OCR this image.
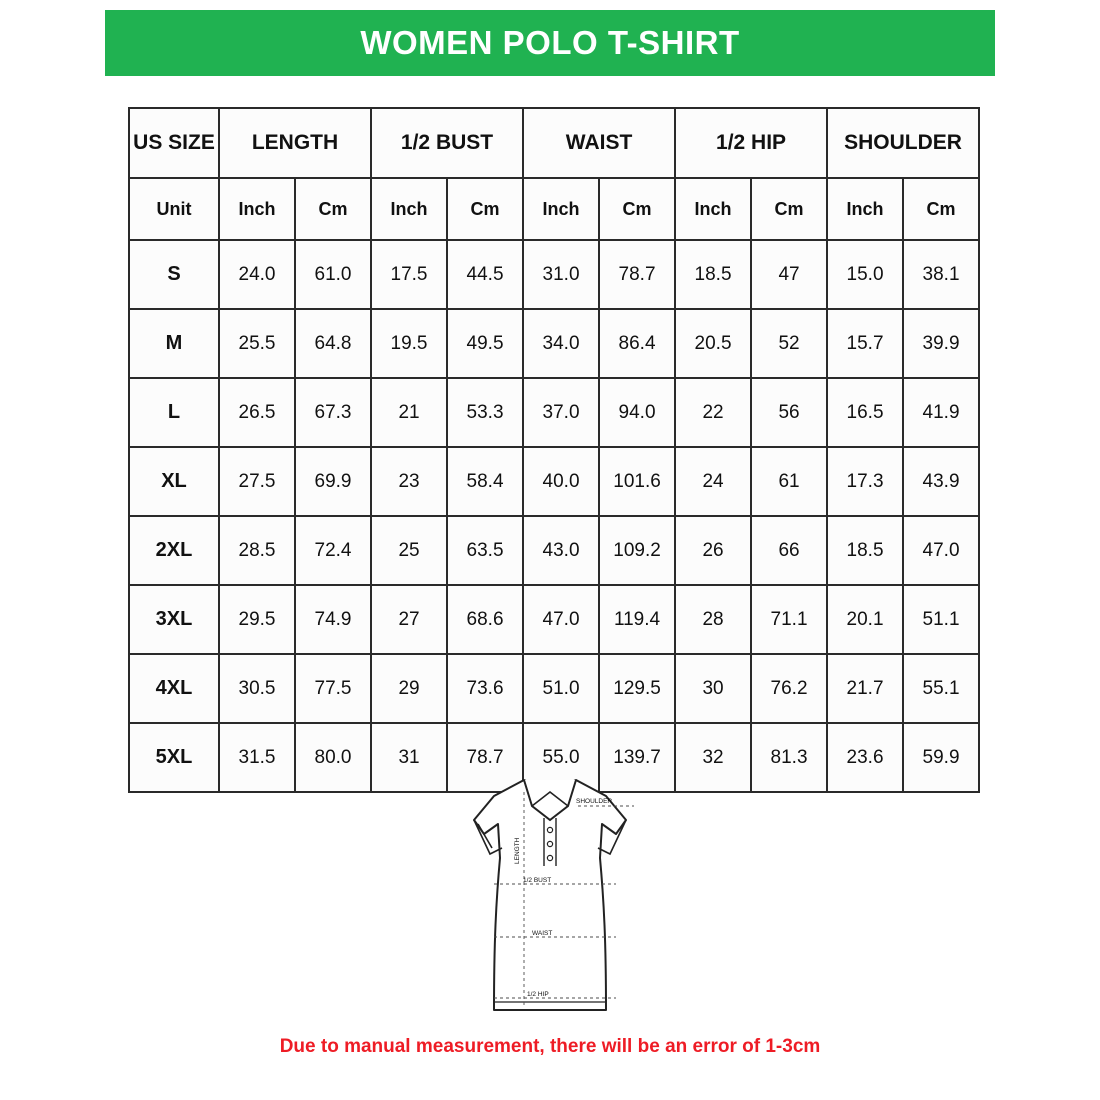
WOMEN POLO T-SHIRT
US SIZE	LENGTH		1/2 BUST		WAIST		1/2 HIP		SHOULDER	
Unit	Inch	Cm	Inch	Cm	Inch	Cm	Inch	Cm	Inch	Cm
S	24.0	61.0	17.5	44.5	31.0	78.7	18.5	47	15.0	38.1
M	25.5	64.8	19.5	49.5	34.0	86.4	20.5	52	15.7	39.9
L	26.5	67.3	21	53.3	37.0	94.0	22	56	16.5	41.9
XL	27.5	69.9	23	58.4	40.0	101.6	24	61	17.3	43.9
2XL	28.5	72.4	25	63.5	43.0	109.2	26	66	18.5	47.0
3XL	29.5	74.9	27	68.6	47.0	119.4	28	71.1	20.1	51.1
4XL	30.5	77.5	29	73.6	51.0	129.5	30	76.2	21.7	55.1
5XL	31.5	80.0	31	78.7	55.0	139.7	32	81.3	23.6	59.9
SHOULDER
LENGTH
1/2 BUST
WAIST
1/2 HIP
Due to manual measurement, there will be an error of 1-3cm
